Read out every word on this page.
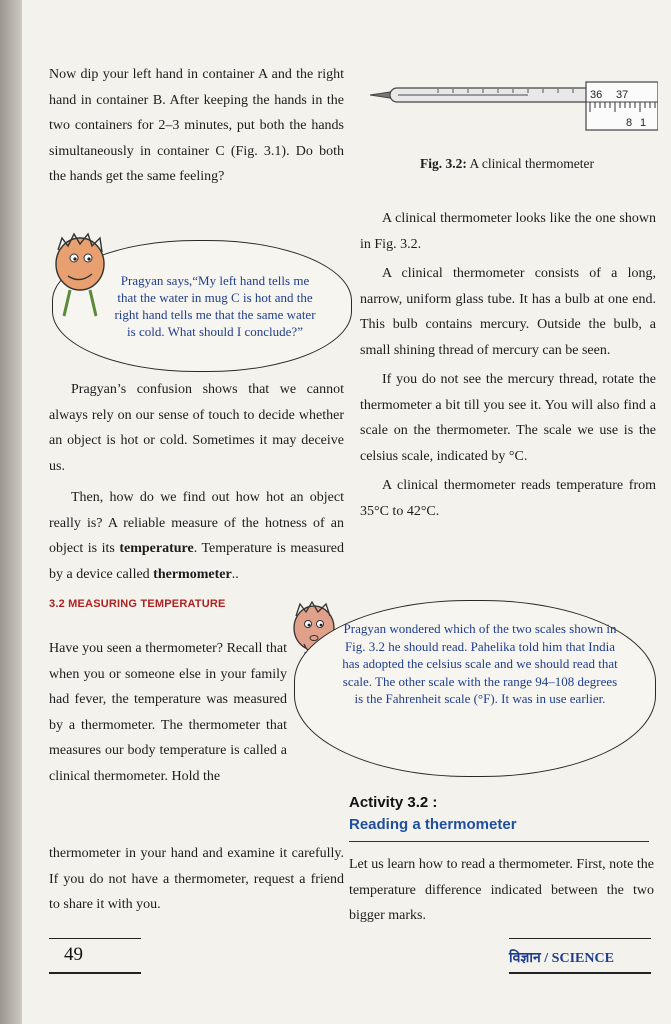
Now dip your left hand in container A and the right hand in container B. After keeping the hands in the two containers for 2–3 minutes, put both the hands simultaneously in container C (Fig. 3.1). Do both the hands get the same feeling?

Pragyan says,“My left hand tells me that the water in mug C is hot and the right hand tells me that the same water is cold. What should I conclude?”

Pragyan’s confusion shows that we cannot always rely on our sense of touch to decide whether an object is hot or cold. Sometimes it may deceive us.

Then, how do we find out how hot an object really is? A reliable measure of the hotness of an object is its temperature. Temperature is measured by a device called thermometer..

3.2 MEASURING TEMPERATURE
Pragyan wondered which of the two scales shown in Fig. 3.2 he should read. Pahelika told him that India has adopted the celsius scale and we should read that scale. The other scale with the range 94–108 degrees is the Fahrenheit scale (°F). It was in use earlier.

Have you seen a thermometer? Recall that when you or someone else in your family had fever, the temperature was measured by a thermometer. The thermometer that measures our body temperature is called a clinical thermometer. Hold the

thermometer in your hand and examine it carefully. If you do not have a thermometer, request a friend to share it with you.

36 37
8 1
Fig. 3.2: A clinical thermometer

A clinical thermometer looks like the one shown in Fig. 3.2.

A clinical thermometer consists of a long, narrow, uniform glass tube. It has a bulb at one end. This bulb contains mercury. Outside the bulb, a small shining thread of mercury can be seen.

If you do not see the mercury thread, rotate the thermometer a bit till you see it. You will also find a scale on the thermometer. The scale we use is the celsius scale, indicated by °C.

A clinical thermometer reads temperature from 35°C to 42°C.

Activity 3.2 :
Reading a thermometer

Let us learn how to read a thermometer. First, note the temperature difference indicated between the two bigger marks.

49	विज्ञान / SCIENCE
